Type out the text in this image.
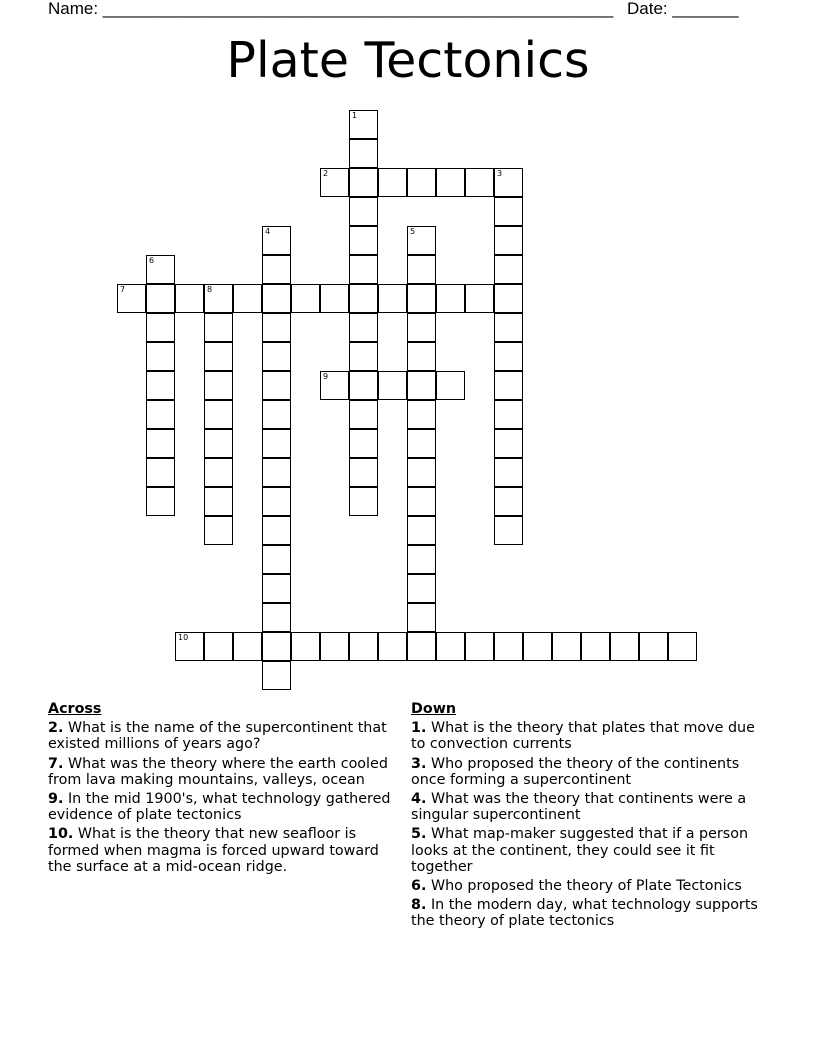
Name: ______________________________________________________ Date: _______
Plate Tectonics
1
2	3
4	5
6
7	8
9
10
Across
2. What is the name of the supercontinent that existed millions of years ago?
7. What was the theory where the earth cooled from lava making mountains, valleys, ocean
9. In the mid 1900's, what technology gathered evidence of plate tectonics
10. What is the theory that new seafloor is formed when magma is forced upward toward the surface at a mid-ocean ridge.
Down
1. What is the theory that plates that move due to convection currents
3. Who proposed the theory of the continents once forming a supercontinent
4. What was the theory that continents were a singular supercontinent
5. What map-maker suggested that if a person looks at the continent, they could see it fit together
6. Who proposed the theory of Plate Tectonics
8. In the modern day, what technology supports the theory of plate tectonics
